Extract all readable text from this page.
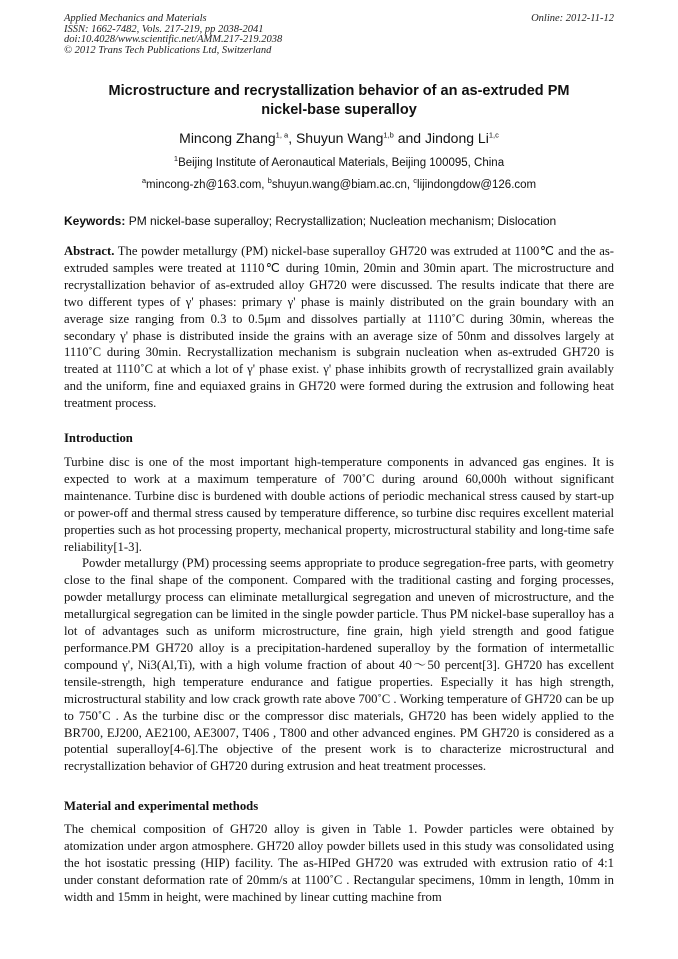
Applied Mechanics and Materials
ISSN: 1662-7482, Vols. 217-219, pp 2038-2041
doi:10.4028/www.scientific.net/AMM.217-219.2038
© 2012 Trans Tech Publications Ltd, Switzerland
Online: 2012-11-12
Microstructure and recrystallization behavior of an as-extruded PM
nickel-base superalloy
Mincong Zhang$^{1, a}$, Shuyun Wang$^{1,b}$ and Jindong Li$^{1,c}$
$^1$Beijing Institute of Aeronautical Materials, Beijing 100095, China
$^a$mincong-zh@163.com, $^b$shuyun.wang@biam.ac.cn, $^c$lijindongdow@126.com
Keywords: PM nickel-base superalloy; Recrystallization; Nucleation mechanism; Dislocation

Abstract. The powder metallurgy (PM) nickel-base superalloy GH720 was extruded at 1100℃ and the as-extruded samples were treated at 1110℃ during 10min, 20min and 30min apart. The microstructure and recrystallization behavior of as-extruded alloy GH720 were discussed. The results indicate that there are two different types of γ' phases: primary γ' phase is mainly distributed on the grain boundary with an average size ranging from 0.3 to 0.5μm and dissolves partially at 1110˚C during 30min, whereas the secondary γ' phase is distributed inside the grains with an average size of 50nm and dissolves largely at 1110˚C during 30min. Recrystallization mechanism is subgrain nucleation when as-extruded GH720 is treated at 1110˚C at which a lot of γ' phase exist. γ' phase inhibits growth of recrystallized grain availably and the uniform, fine and equiaxed grains in GH720 were formed during the extrusion and following heat treatment process.

Introduction

Turbine disc is one of the most important high-temperature components in advanced gas engines. It is expected to work at a maximum temperature of 700˚C during around 60,000h without significant maintenance. Turbine disc is burdened with double actions of periodic mechanical stress caused by start-up or power-off and thermal stress caused by temperature difference, so turbine disc requires excellent material properties such as hot processing property, mechanical property, microstructural stability and long-time safe reliability[1-3].

Powder metallurgy (PM) processing seems appropriate to produce segregation-free parts, with geometry close to the final shape of the component. Compared with the traditional casting and forging processes, powder metallurgy process can eliminate metallurgical segregation and uneven of microstructure, and the metallurgical segregation can be limited in the single powder particle. Thus PM nickel-base superalloy has a lot of advantages such as uniform microstructure, fine grain, high yield strength and good fatigue performance.PM GH720 alloy is a precipitation-hardened superalloy by the formation of intermetallic compound γ', Ni3(Al,Ti), with a high volume fraction of about 40～50 percent[3]. GH720 has excellent tensile-strength, high temperature endurance and fatigue properties. Especially it has high strength, microstructural stability and low crack growth rate above 700˚C . Working temperature of GH720 can be up to 750˚C . As the turbine disc or the compressor disc materials, GH720 has been widely applied to the BR700, EJ200, AE2100, AE3007, T406 , T800 and other advanced engines. PM GH720 is considered as a potential superalloy[4-6].The objective of the present work is to characterize microstructural and recrystallization behavior of GH720 during extrusion and heat treatment processes.

Material and experimental methods

The chemical composition of GH720 alloy is given in Table 1. Powder particles were obtained by atomization under argon atmosphere. GH720 alloy powder billets used in this study was consolidated using the hot isostatic pressing (HIP) facility. The as-HIPed GH720 was extruded with extrusion ratio of 4:1 under constant deformation rate of 20mm/s at 1100˚C . Rectangular specimens, 10mm in length, 10mm in width and 15mm in height, were machined by linear cutting machine from
